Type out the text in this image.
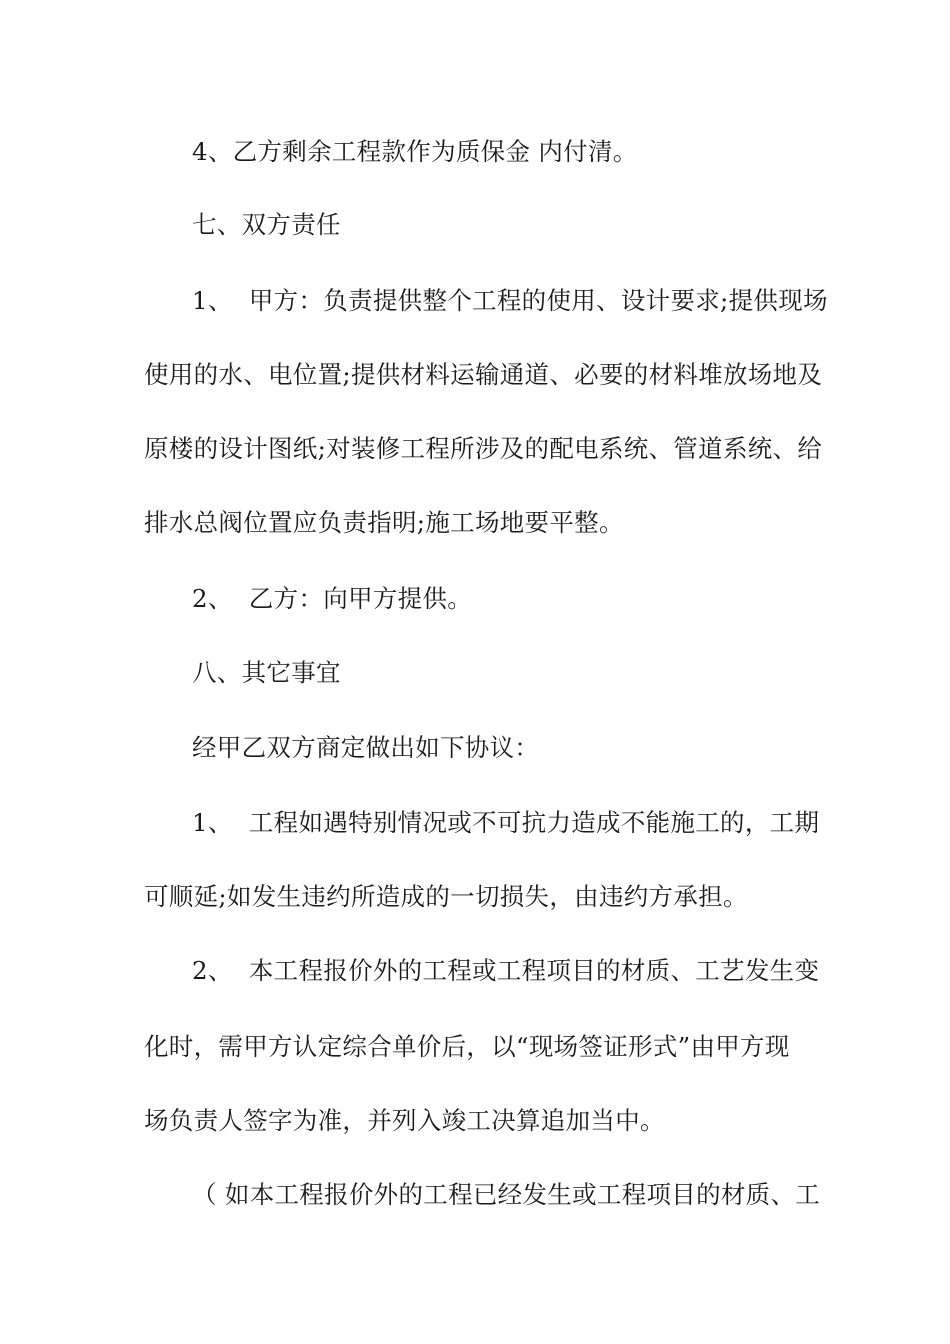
4、乙方剩余工程款作为质保金 内付清。
七、双方责任
1、  甲方：负责提供整个工程的使用、设计要求;提供现场
使用的水、电位置;提供材料运输通道、必要的材料堆放场地及
原楼的设计图纸;对装修工程所涉及的配电系统、管道系统、给
排水总阀位置应负责指明;施工场地要平整。
2、  乙方：向甲方提供。
八、其它事宜
经甲乙双方商定做出如下协议：
1、  工程如遇特别情况或不可抗力造成不能施工的，工期
可顺延;如发生违约所造成的一切损失，由违约方承担。
2、  本工程报价外的工程或工程项目的材质、工艺发生变
化时，需甲方认定综合单价后，以“现场签证形式”由甲方现
场负责人签字为准，并列入竣工决算追加当中。
（ 如本工程报价外的工程已经发生或工程项目的材质、工
